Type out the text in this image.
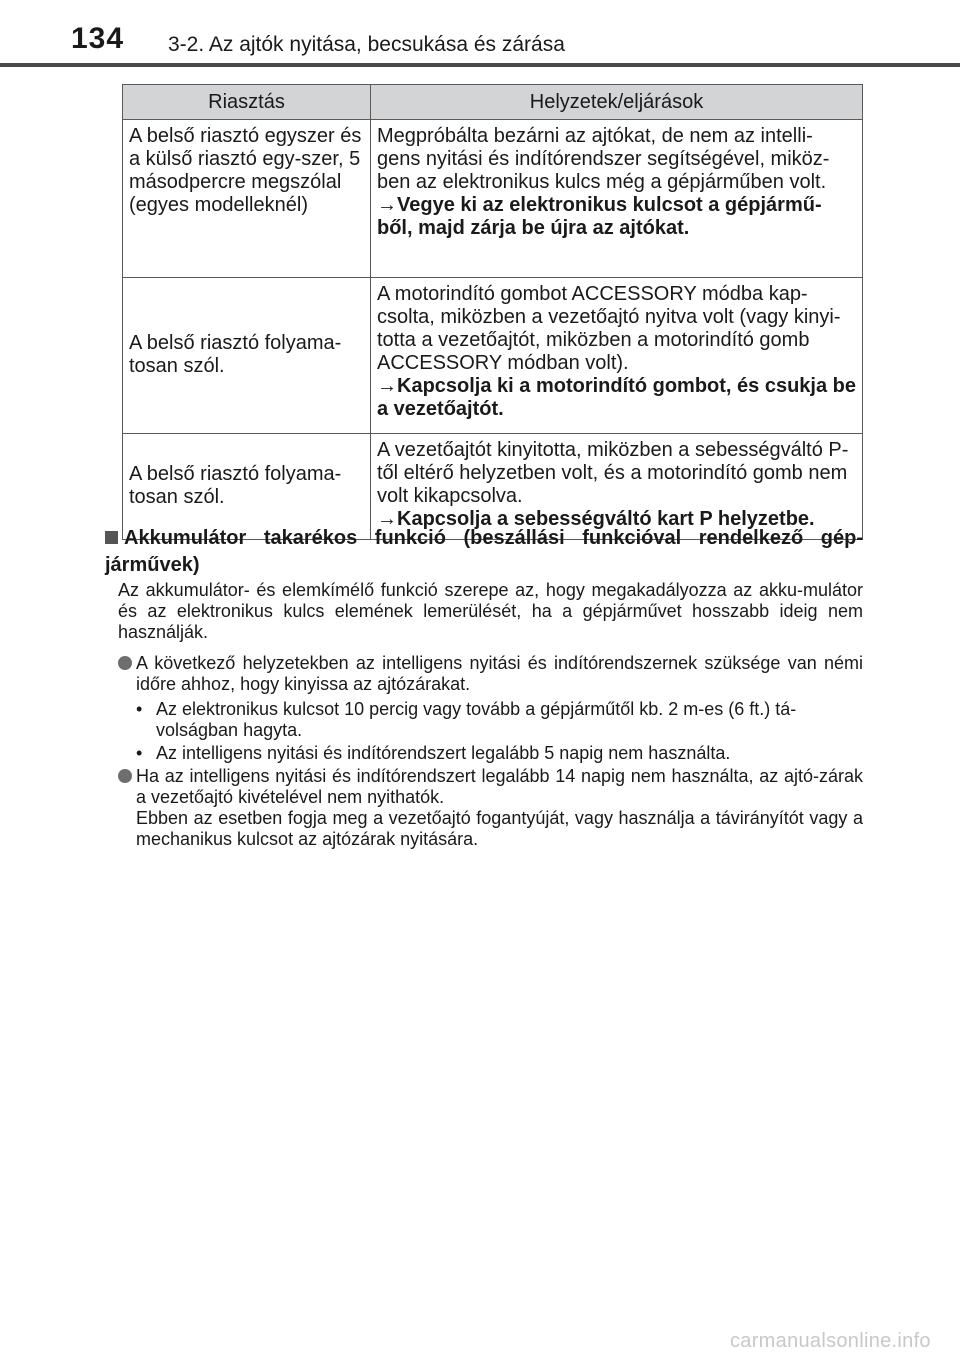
134 3-2. Az ajtók nyitása, becsukása és zárása
Riasztás	Helyzetek/eljárások
A belső riasztó egyszer és a külső riasztó egy-szer, 5 másodpercre megszólal (egyes modelleknél)	Megpróbálta bezárni az ajtókat, de nem az intelli-gens nyitási és indítórendszer segítségével, miköz-ben az elektronikus kulcs még a gépjárműben volt.
→Vegye ki az elektronikus kulcsot a gépjármű-ből, majd zárja be újra az ajtókat.

A belső riasztó folyama-tosan szól.	A motorindító gombot ACCESSORY módba kap-csolta, miközben a vezetőajtó nyitva volt (vagy kinyi-totta a vezetőajtót, miközben a motorindító gomb ACCESSORY módban volt).
→Kapcsolja ki a motorindító gombot, és csukja be a vezetőajtót.

A belső riasztó folyama-tosan szól.	A vezetőajtót kinyitotta, miközben a sebességváltó P-től eltérő helyzetben volt, és a motorindító gomb nem volt kikapcsolva.
→Kapcsolja a sebességváltó kart P helyzetbe.
Akkumulátor takarékos funkció (beszállási funkcióval rendelkező gép-járművek)
Az akkumulátor- és elemkímélő funkció szerepe az, hogy megakadályozza az akku-mulátor és az elektronikus kulcs elemének lemerülését, ha a gépjárművet hosszabb ideig nem használják.
A következő helyzetekben az intelligens nyitási és indítórendszernek szüksége van némi időre ahhoz, hogy kinyissa az ajtózárakat.
• Az elektronikus kulcsot 10 percig vagy tovább a gépjárműtől kb. 2 m-es (6 ft.) tá-volságban hagyta.
• Az intelligens nyitási és indítórendszert legalább 5 napig nem használta.
Ha az intelligens nyitási és indítórendszert legalább 14 napig nem használta, az ajtó-zárak a vezetőajtó kivételével nem nyithatók.
Ebben az esetben fogja meg a vezetőajtó fogantyúját, vagy használja a távirányítót vagy a mechanikus kulcsot az ajtózárak nyitására.
carmanualsonline.info
